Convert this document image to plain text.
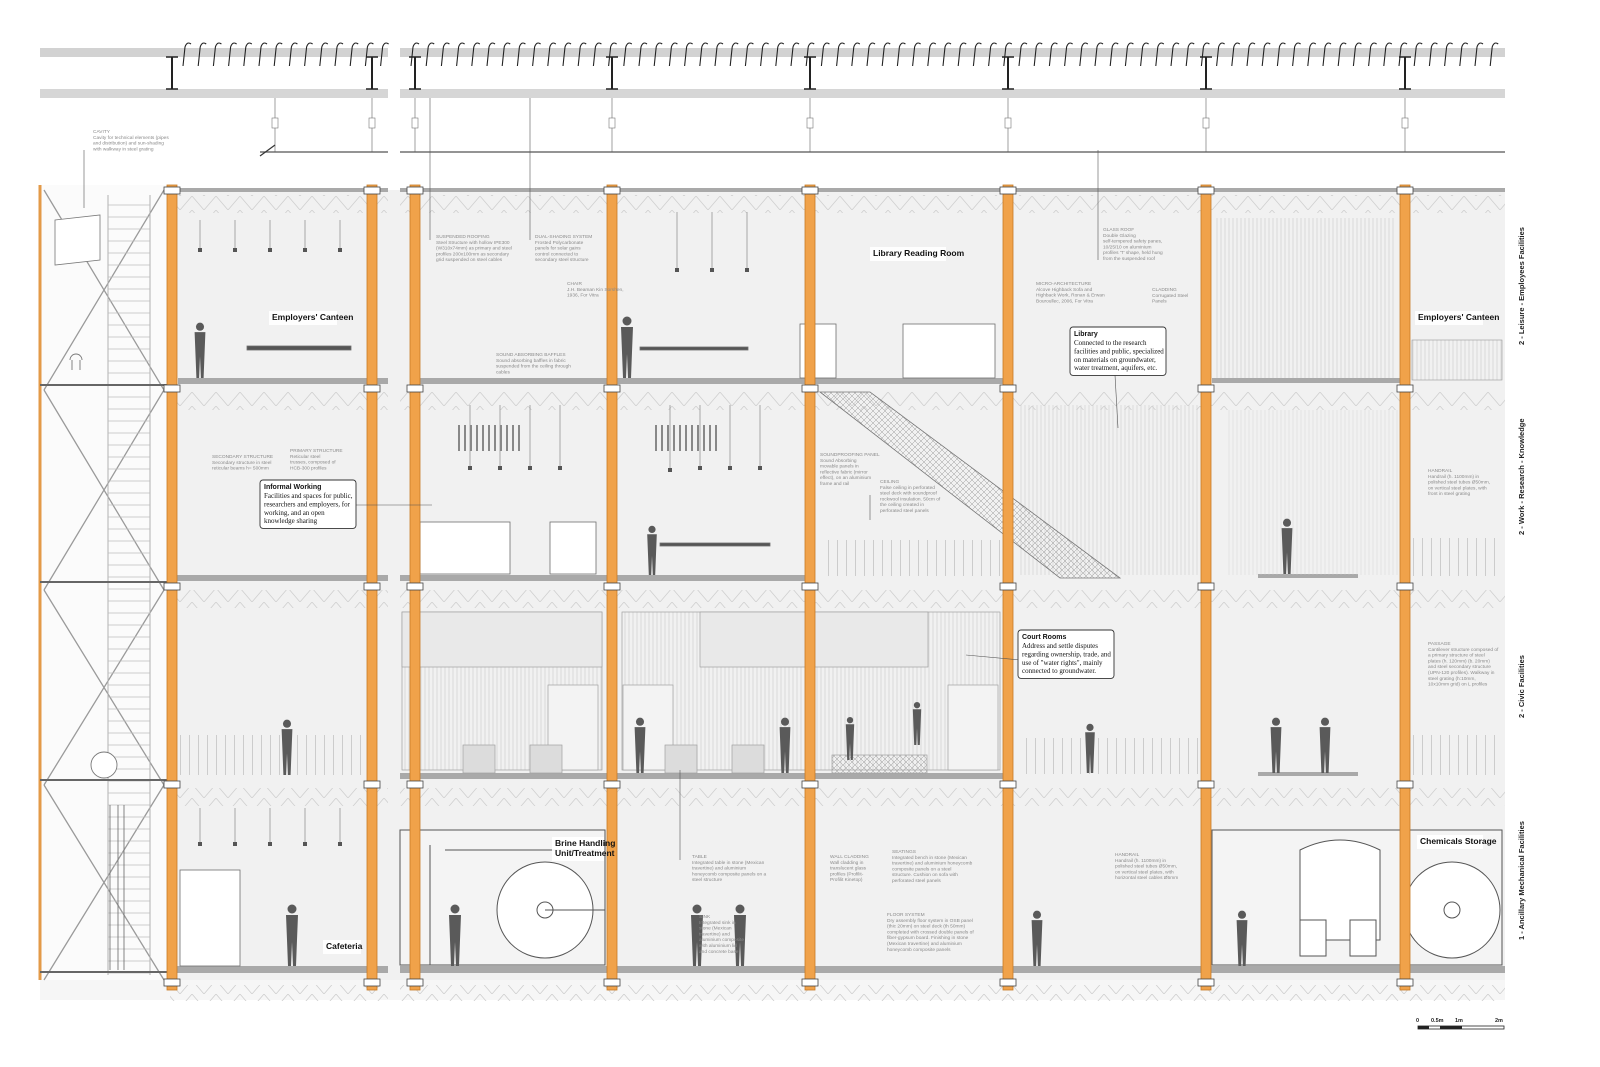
CAVITY Cavity for technical elements (pipes and distribution) and sun-shading with walkway in steel grating
SUSPENDED ROOFING Steel Structure with hollow IPE300 (W310x74mm) as primary and steel profiles 200x100mm as secondary grid suspended on steel cables
DUAL-SHADING SYSTEM Frosted Polycarbonate panels for solar gains control connected to secondary steel structure
CHAIR J.H. Beaman Kin Sorshen, 1936, For Vitra
GLASS ROOF Double Glazing self-tempered safety panes, 10/25/10 on aluminium profiles 'T' shape, held hung from the suspended roof
MICRO-ARCHITECTURE Alcove Highback Sofa and Highback Work, Ronan & Erwan Bouroullec, 2006, For Vitra
CLADDING Corrugated Steel Panels
SOUND ABSORBING BAFFLES Sound absorbing baffles in fabric suspended from the ceiling through cables
SECONDARY STRUCTURE Secondary structure in steel reticular beams h= 500mm
PRIMARY STRUCTURE Reticular steel trusses, composed of HCB-300 profiles
SOUNDPROOFING PANEL Sound Absorbing movable panels in reflective fabric (mirror effect), on an aluminium frame and rail	CEILING False ceiling in perforated steel deck with soundproof rockwool insulation. 50cm of the ceiling created in perforated steel panels
HANDRAIL Handrail (h. 1100mm) in polished steel tubes Ø50mm, on vertical steel plates, with front in steel grating
PASSAGE Cantilever structure composed of a primary structure of steel plates (h. 120mm) (b. 20mm) and steel secondary structure (UPN-120 profiles). Walkway in steel grating (h:10mm, 10x10mm grid) on L profiles
TABLE Integrated table in stone (Mexican travertine) and aluminium honeycomb composite panels on a steel structure
WALL CLADDING Wall cladding in translucent glass profiles (Profilit-Profilit Kinetop)
SEATINGS Integrated bench in stone (Mexican travertine) and aluminium honeycomb composite panels on a steel structure. Cushion on sofa with perforated steel panels
HANDRAIL Handrail (h. 1100mm) in polished steel tubes Ø50mm, on vertical steel plates, with horizontal steel cables Ø5mm
FLOOR SYSTEM Dry assembly floor system in OSB panel (thic 20mm) on steel deck (th 50mm) completed with crossed double panels of fiber-gypsum board. Finishing in stone (Mexican travertine) and aluminium honeycomb composite panels
SINK Integrated sink in stone (Mexican travertine) and aluminium composite with aluminium lid and concrete base
Employers' Canteen
Library Reading Room
Employers' Canteen
Brine Handling Unit/Treatment
Chemicals Storage
Cafeteria
Informal Working
Facilities and spaces for public, researchers and employers, for working, and an open knowledge sharing
Library
Connected to the research facilities and public, specialized on materials on groundwater, water treatment, aquifers, etc.
Court Rooms
Address and settle disputes regarding ownership, trade, and use of "water rights", mainly connected to groundwater.
2 - Leisure - Employees Facilities
2 - Work - Research - Knowledge
2 - Civic Facilities
1 - Ancillary Mechanical Facilities
0 0.5m 1m	2m
